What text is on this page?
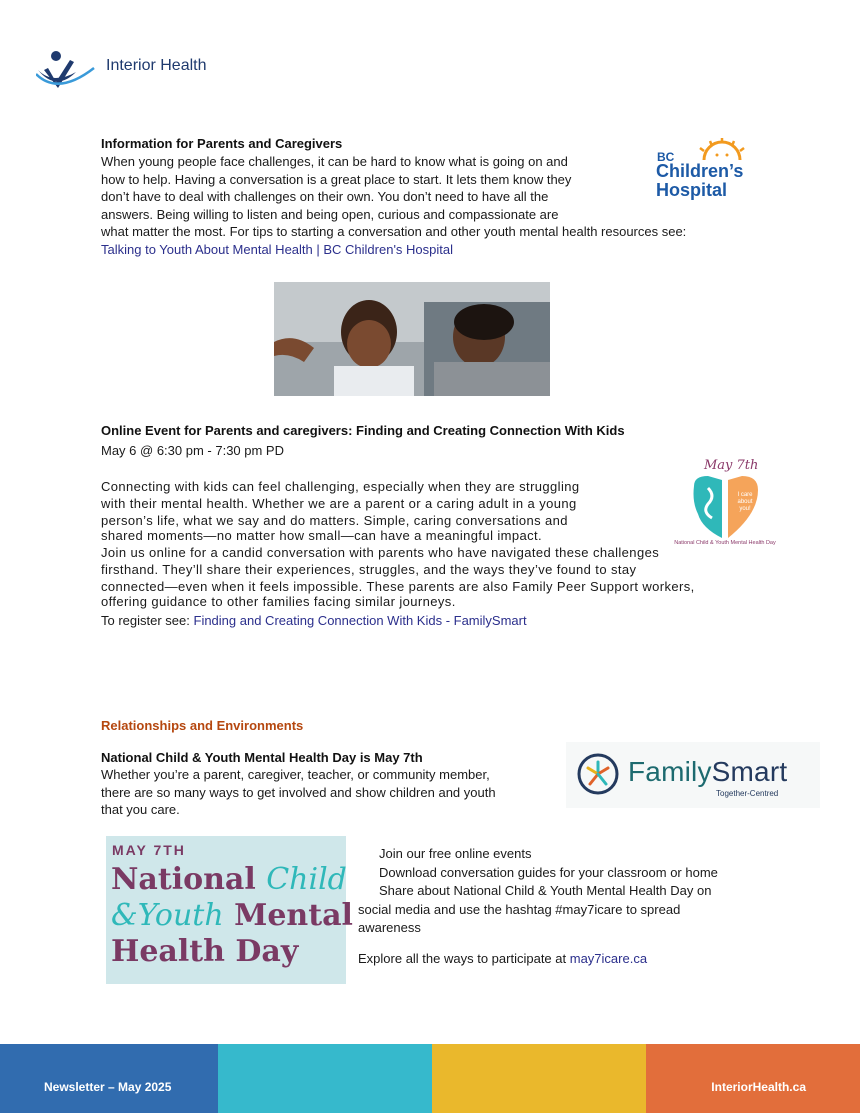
Interior Health
Information for Parents and Caregivers

When young people face challenges, it can be hard to know what is going on and

how to help. Having a conversation is a great place to start. It lets them know they

don’t have to deal with challenges on their own. You don’t need to have all the

answers. Being willing to listen and being open, curious and compassionate are

what matter the most. For tips to starting a conversation and other youth mental health resources see:

Talking to Youth About Mental Health | BC Children's Hospital

BC
Children’s
Hospital
Online Event for Parents and caregivers: Finding and Creating Connection With Kids

May 6 @ 6:30 pm - 7:30 pm PD

Connecting with kids can feel challenging, especially when they are struggling

with their mental health. Whether we are a parent or a caring adult in a young

person’s life, what we say and do matters. Simple, caring conversations and

shared moments—no matter how small—can have a meaningful impact.

Join us online for a candid conversation with parents who have navigated these challenges

firsthand. They’ll share their experiences, struggles, and the ways they’ve found to stay

connected—even when it feels impossible. These parents are also Family Peer Support workers,

offering guidance to other families facing similar journeys.

To register see: Finding and Creating Connection With Kids - FamilySmart

May 7th
I care about you!
National Child & Youth Mental Health Day

Relationships and Environments

National Child & Youth Mental Health Day is May 7th

Whether you’re a parent, caregiver, teacher, or community member,

there are so many ways to get involved and show children and youth

that you care.

FamilySmart
Together-Centred
MAY 7TH
National Child
&Youth Mental
Health Day

Join our free online events

Download conversation guides for your classroom or home

Share about National Child & Youth Mental Health Day on

social media and use the hashtag #may7icare to spread

awareness

Explore all the ways to participate at may7icare.ca

Newsletter – May 2025	InteriorHealth.ca
